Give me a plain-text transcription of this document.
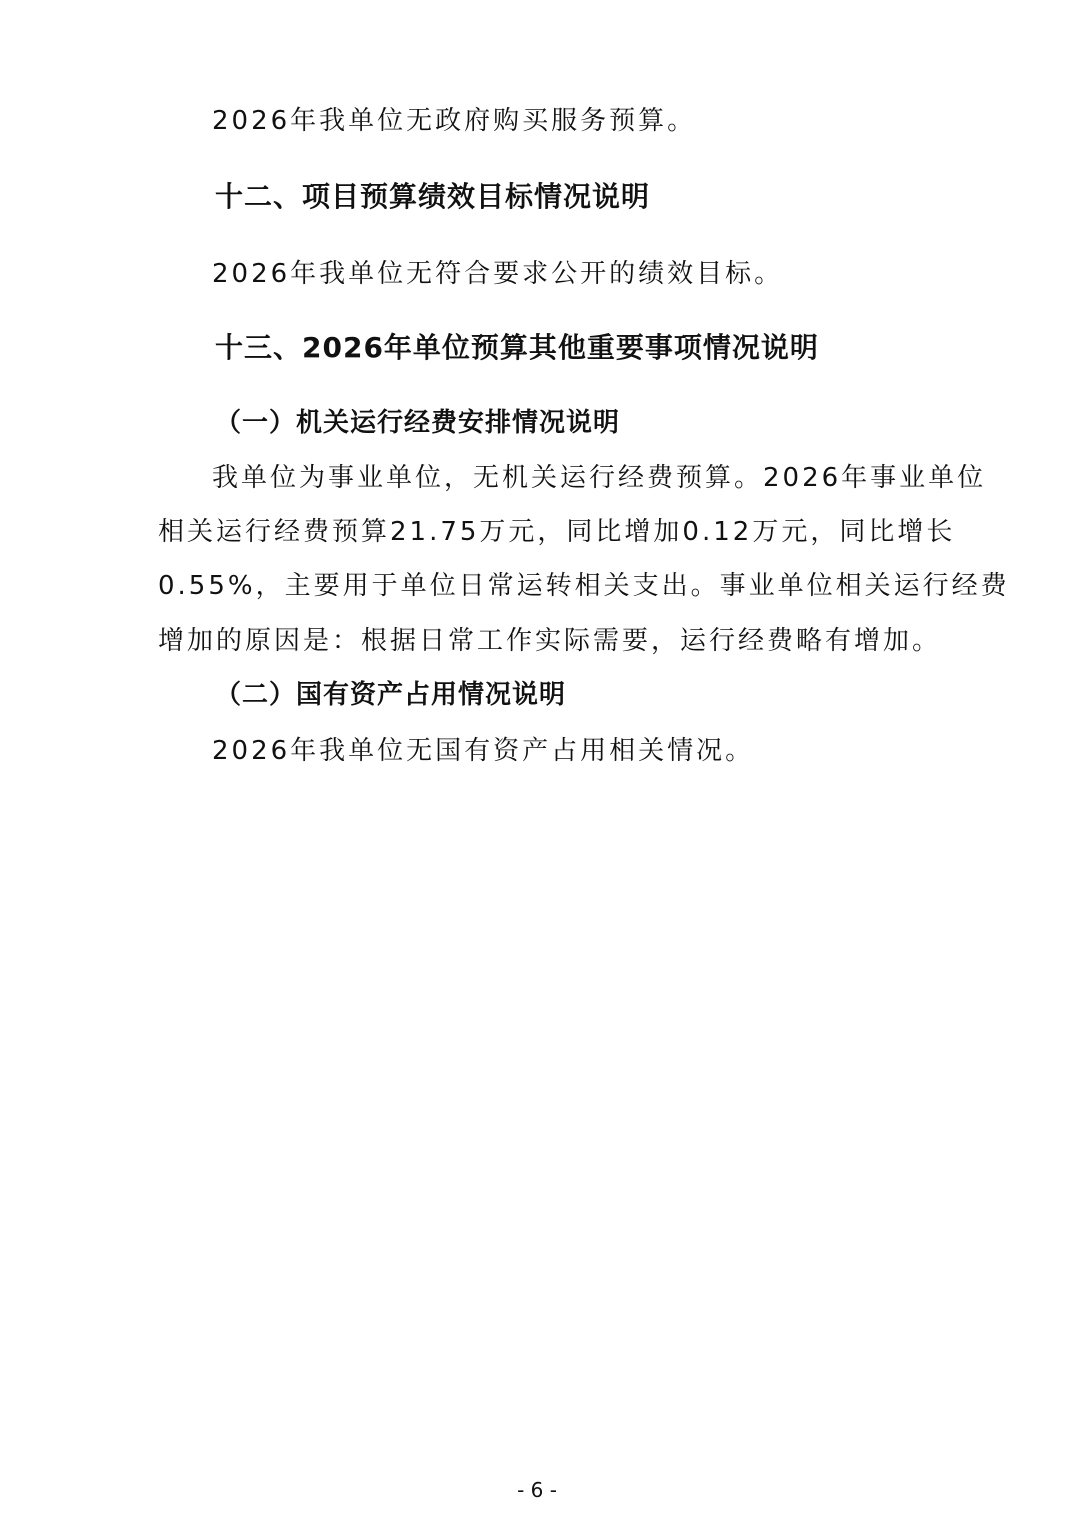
2026年我单位无政府购买服务预算。
十二、项目预算绩效目标情况说明
2026年我单位无符合要求公开的绩效目标。
十三、2026年单位预算其他重要事项情况说明
（一）机关运行经费安排情况说明
我单位为事业单位，无机关运行经费预算。2026年事业单位
相关运行经费预算21.75万元，同比增加0.12万元，同比增长
0.55%，主要用于单位日常运转相关支出。事业单位相关运行经费
增加的原因是：根据日常工作实际需要，运行经费略有增加。
（二）国有资产占用情况说明
2026年我单位无国有资产占用相关情况。
- 6 -
